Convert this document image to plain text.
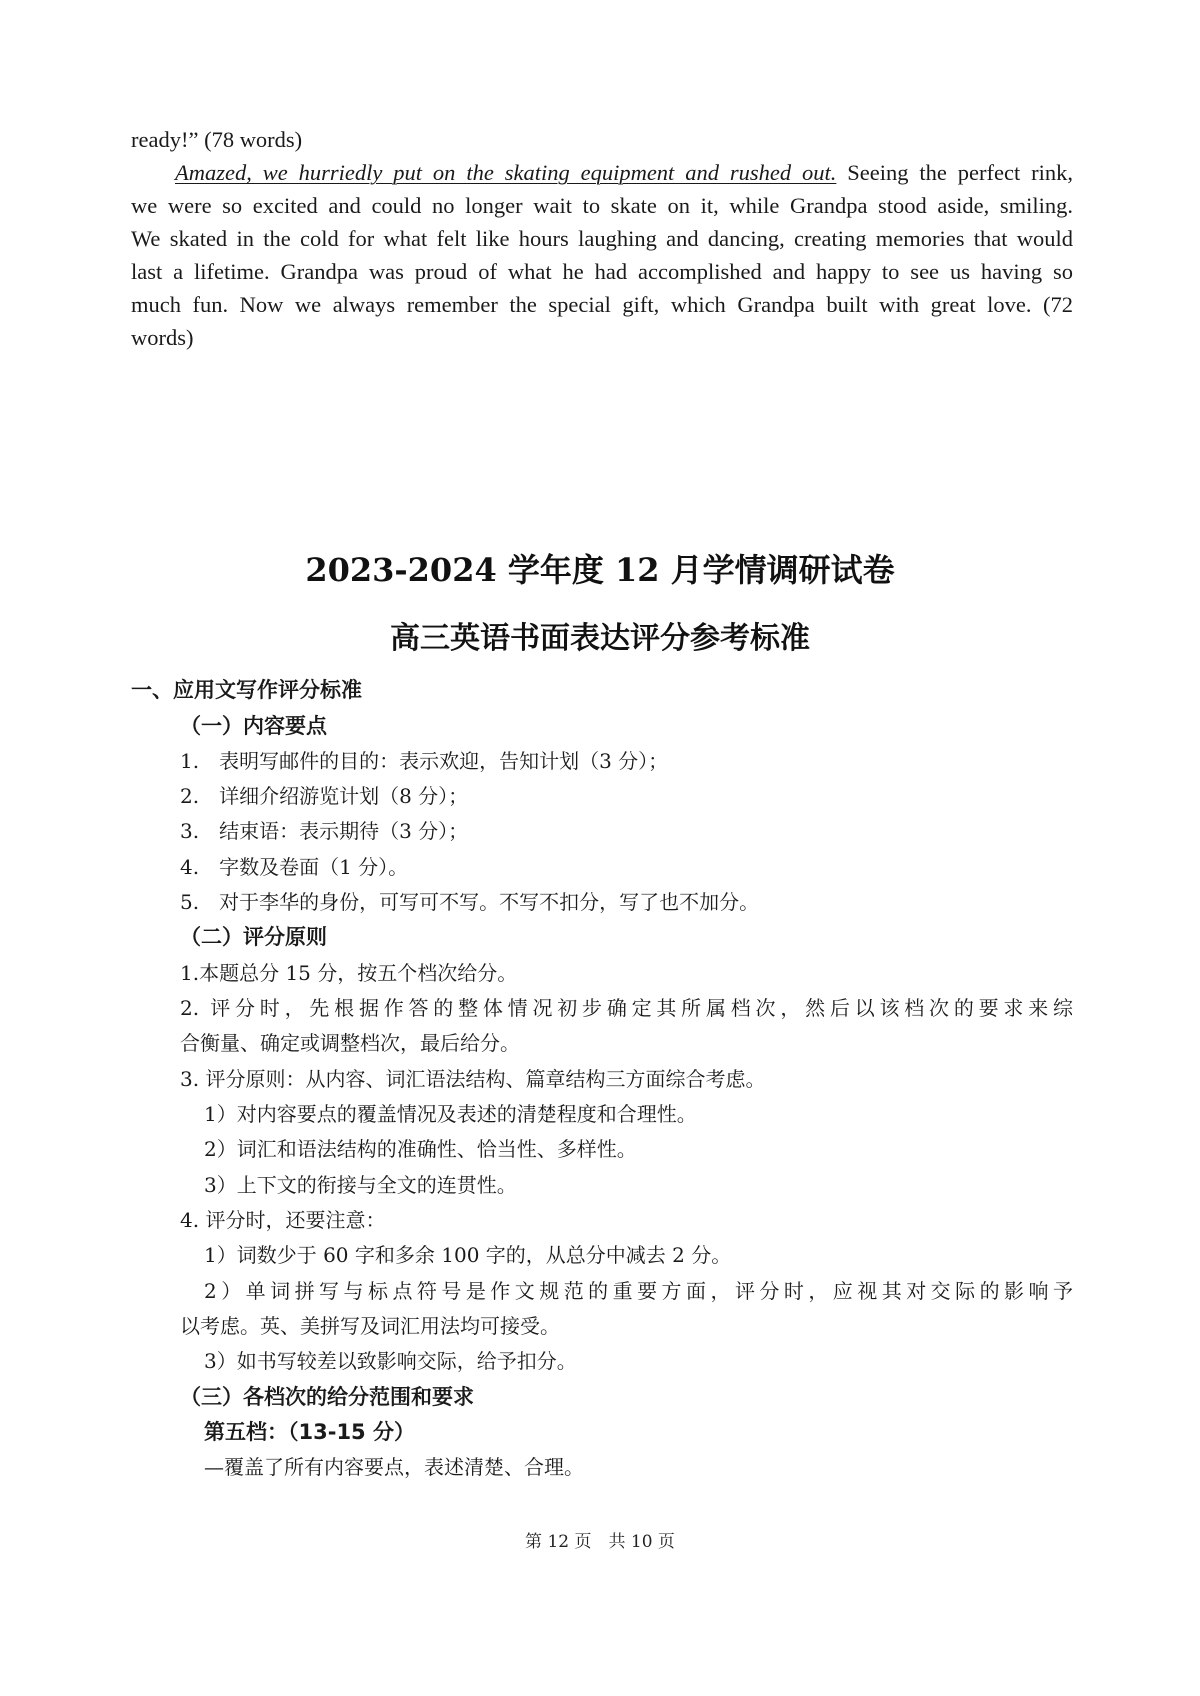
ready!” (78 words)
Amazed, we hurriedly put on the skating equipment and rushed out. Seeing the perfect rink,
we were so excited and could no longer wait to skate on it, while Grandpa stood aside, smiling.
We skated in the cold for what felt like hours laughing and dancing, creating memories that would
last a lifetime. Grandpa was proud of what he had accomplished and happy to see us having so
much fun. Now we always remember the special gift, which Grandpa built with great love. (72
words)
2023-2024 学年度 12 月学情调研试卷
高三英语书面表达评分参考标准
一、应用文写作评分标准
（一）内容要点
1.　表明写邮件的目的：表示欢迎，告知计划（3 分）；
2.　详细介绍游览计划（8 分）；
3.　结束语：表示期待（3 分）；
4.　字数及卷面（1 分）。
5.　对于李华的身份，可写可不写。不写不扣分，写了也不加分。
（二）评分原则
1.本题总分 15 分，按五个档次给分。
2. 评分时，先根据作答的整体情况初步确定其所属档次，然后以该档次的要求来综
合衡量、确定或调整档次，最后给分。
3. 评分原则：从内容、词汇语法结构、篇章结构三方面综合考虑。
1）对内容要点的覆盖情况及表述的清楚程度和合理性。
2）词汇和语法结构的准确性、恰当性、多样性。
3）上下文的衔接与全文的连贯性。
4. 评分时，还要注意：
1）词数少于 60 字和多余 100 字的，从总分中减去 2 分。
2）单词拼写与标点符号是作文规范的重要方面，评分时，应视其对交际的影响予
以考虑。英、美拼写及词汇用法均可接受。
3）如书写较差以致影响交际，给予扣分。
（三）各档次的给分范围和要求
第五档：（13-15 分）
—覆盖了所有内容要点，表述清楚、合理。
第 12 页　共 10 页
